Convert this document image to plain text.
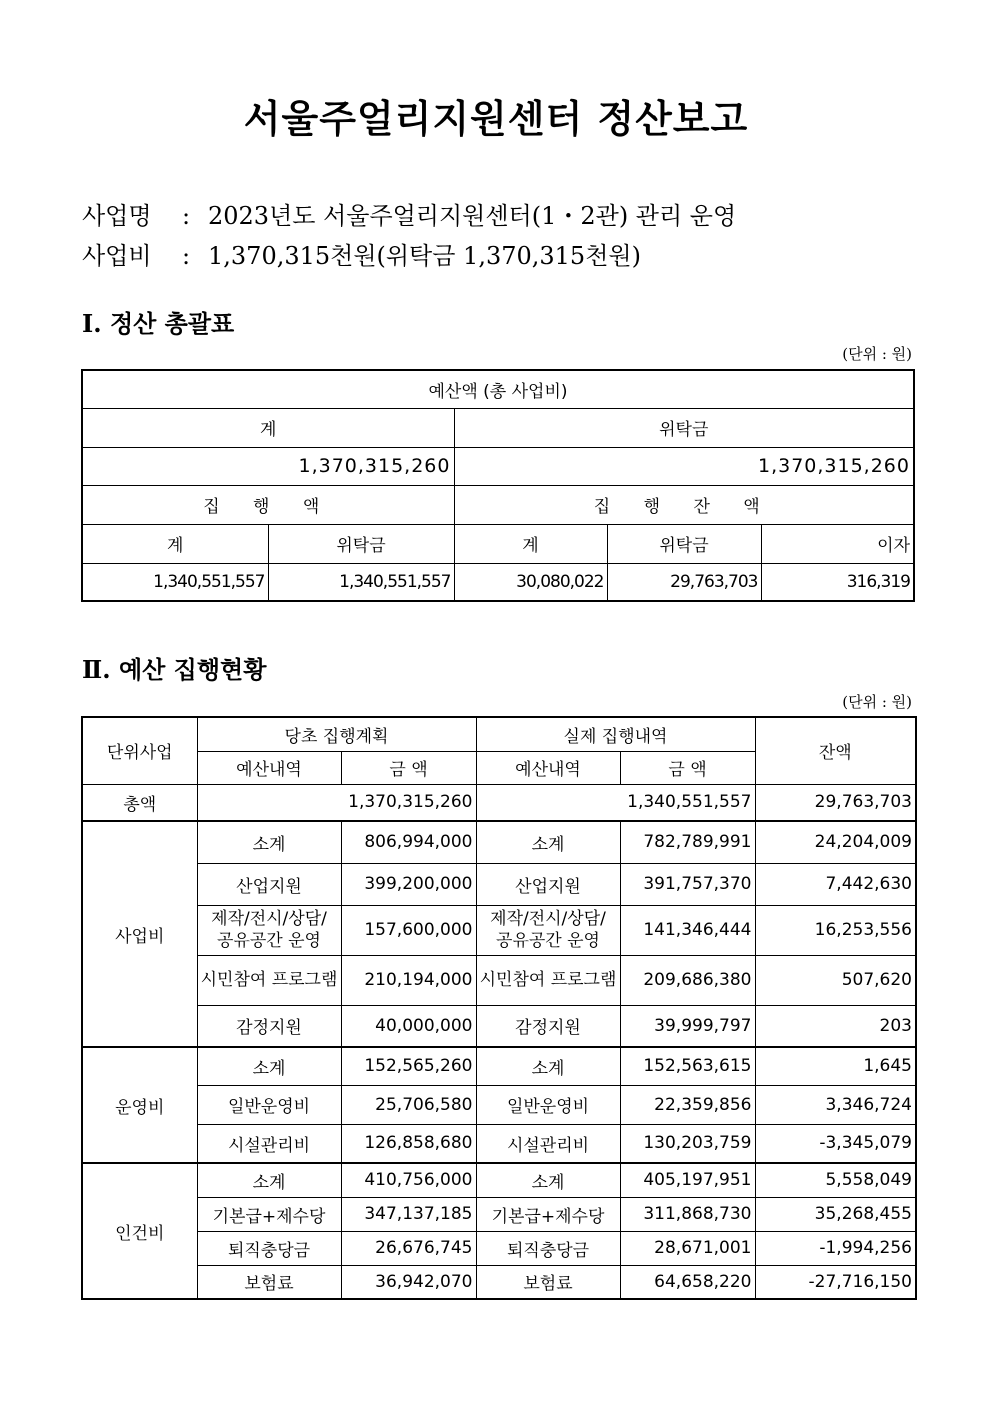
서울주얼리지원센터 정산보고
사업명 : 2023년도 서울주얼리지원센터(1・2관) 관리 운영
사업비 : 1,370,315천원(위탁금 1,370,315천원)
Ⅰ. 정산 총괄표
(단위 : 원)
예산액 (총 사업비)				
계		위탁금		
1,370,315,260		1,370,315,260		
집 행 액		집 행 잔 액		
계	위탁금	계	위탁금	이자
1,340,551,557	1,340,551,557	30,080,022	29,763,703	316,319
Ⅱ. 예산 집행현황
(단위 : 원)
단위사업	당초 집행계획		실제 집행내역		잔액
	예산내역	금 액	예산내역	금 액	
총액	1,370,315,260		1,340,551,557		29,763,703
사업비	소계	806,994,000	소계	782,789,991	24,204,009
	산업지원	399,200,000	산업지원	391,757,370	7,442,630
	제작/전시/상담/ 공유공간 운영	157,600,000	제작/전시/상담/ 공유공간 운영	141,346,444	16,253,556
	시민참여 프로그램	210,194,000	시민참여 프로그램	209,686,380	507,620
	감정지원	40,000,000	감정지원	39,999,797	203
운영비	소계	152,565,260	소계	152,563,615	1,645
	일반운영비	25,706,580	일반운영비	22,359,856	3,346,724
	시설관리비	126,858,680	시설관리비	130,203,759	-3,345,079
인건비	소계	410,756,000	소계	405,197,951	5,558,049
	기본급+제수당	347,137,185	기본급+제수당	311,868,730	35,268,455
	퇴직충당금	26,676,745	퇴직충당금	28,671,001	-1,994,256
	보험료	36,942,070	보험료	64,658,220	-27,716,150
